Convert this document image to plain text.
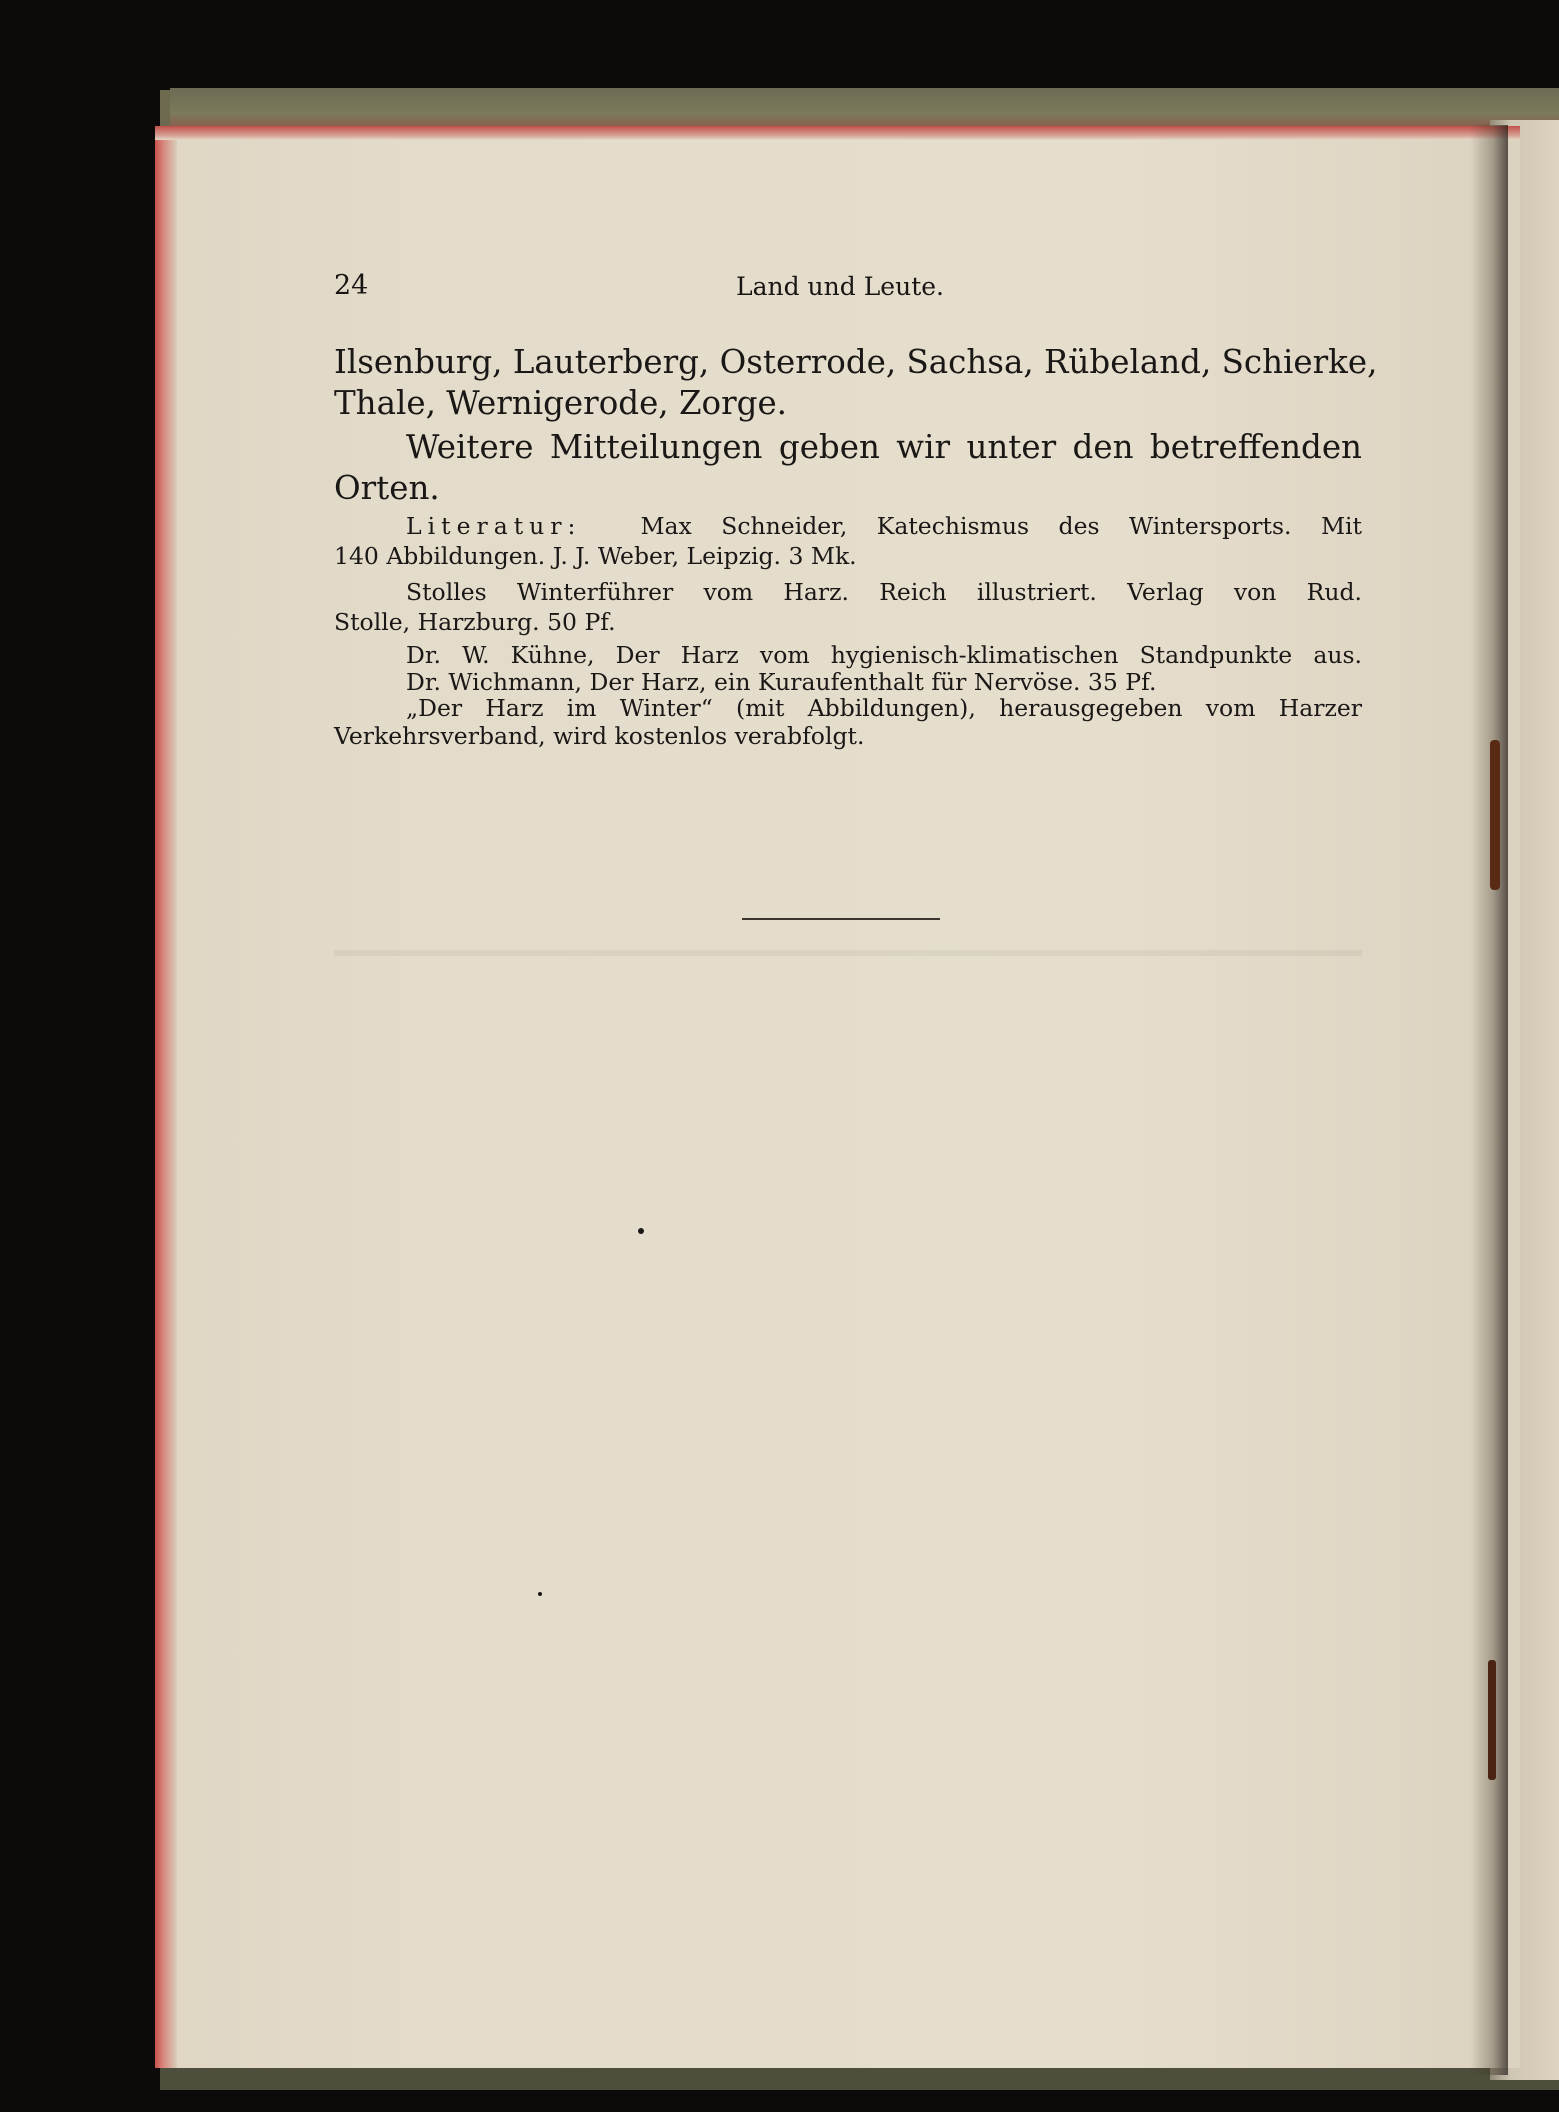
24	Land und Leute.
Ilsenburg, Lauterberg, Osterrode, Sachsa, Rübeland, Schierke,
Thale, Wernigerode, Zorge.
Weitere Mitteilungen geben wir unter den betreffenden
Orten.
Literatur:	Max Schneider, Katechismus des Wintersports. Mit
140 Abbildungen. J. J. Weber, Leipzig. 3 Mk.
Stolles Winterführer vom Harz. Reich illustriert. Verlag von Rud.
Stolle, Harzburg. 50 Pf.
Dr. W. Kühne, Der Harz vom hygienisch-klimatischen Standpunkte aus.
Dr. Wichmann, Der Harz, ein Kuraufenthalt für Nervöse. 35 Pf.
„Der Harz im Winter“ (mit Abbildungen), herausgegeben vom Harzer
Verkehrsverband, wird kostenlos verabfolgt.
